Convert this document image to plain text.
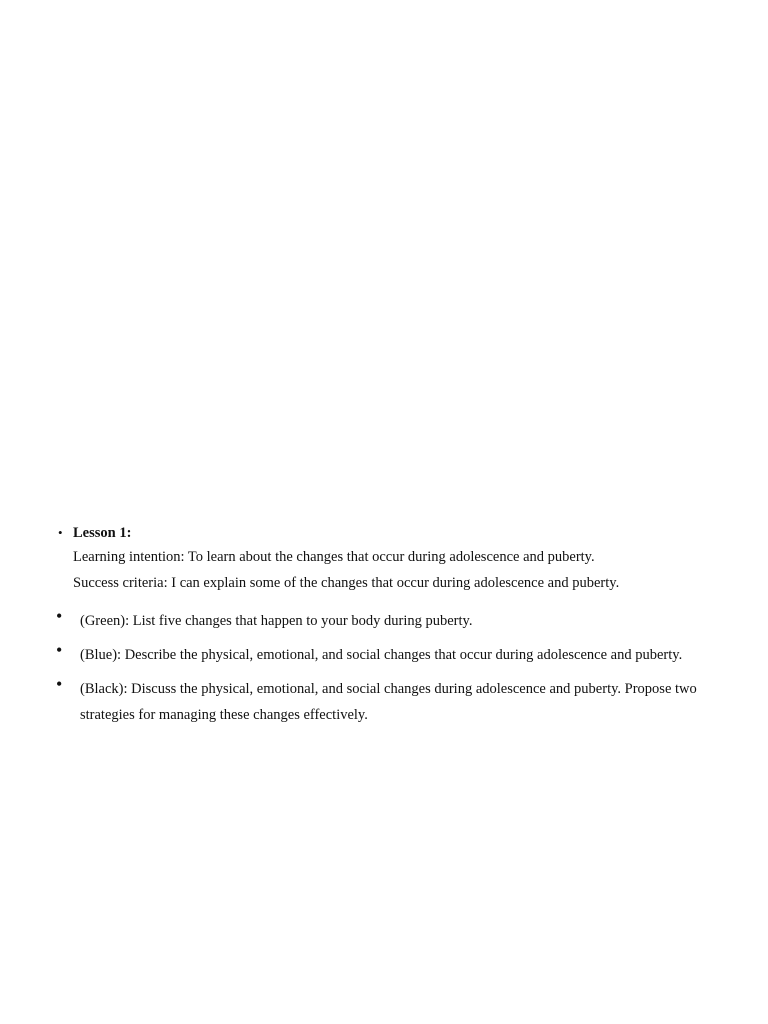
• Lesson 1:
Learning intention: To learn about the changes that occur during adolescence and puberty.
Success criteria: I can explain some of the changes that occur during adolescence and puberty.
• (Green): List five changes that happen to your body during puberty.
• (Blue): Describe the physical, emotional, and social changes that occur during adolescence and puberty.
• (Black): Discuss the physical, emotional, and social changes during adolescence and puberty. Propose two strategies for managing these changes effectively.
